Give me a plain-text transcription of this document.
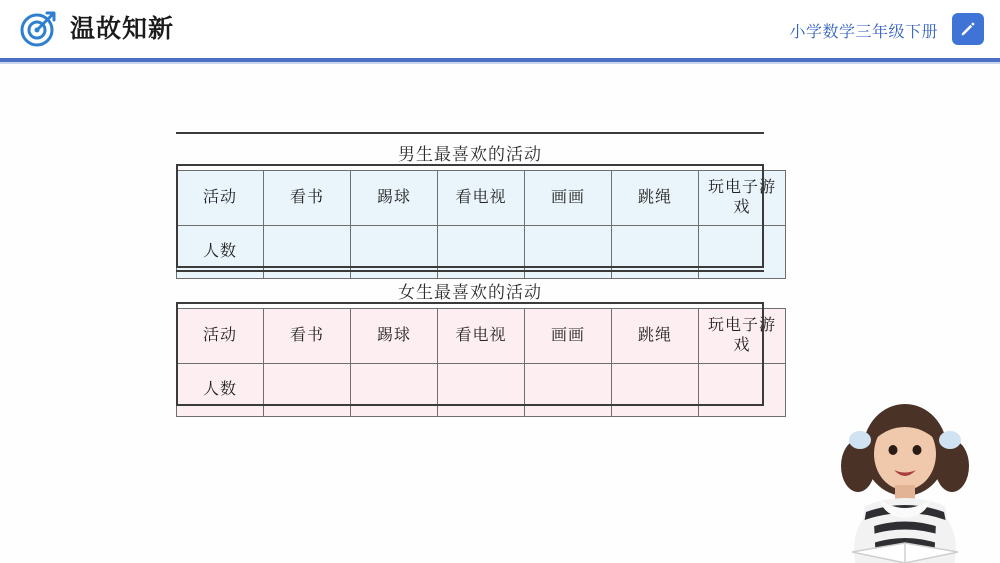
温故知新	小学数学三年级下册
男生最喜欢的活动
活动	看书	踢球	看电视	画画	跳绳	玩电子游戏
人数						
女生最喜欢的活动
活动	看书	踢球	看电视	画画	跳绳	玩电子游戏
人数						
